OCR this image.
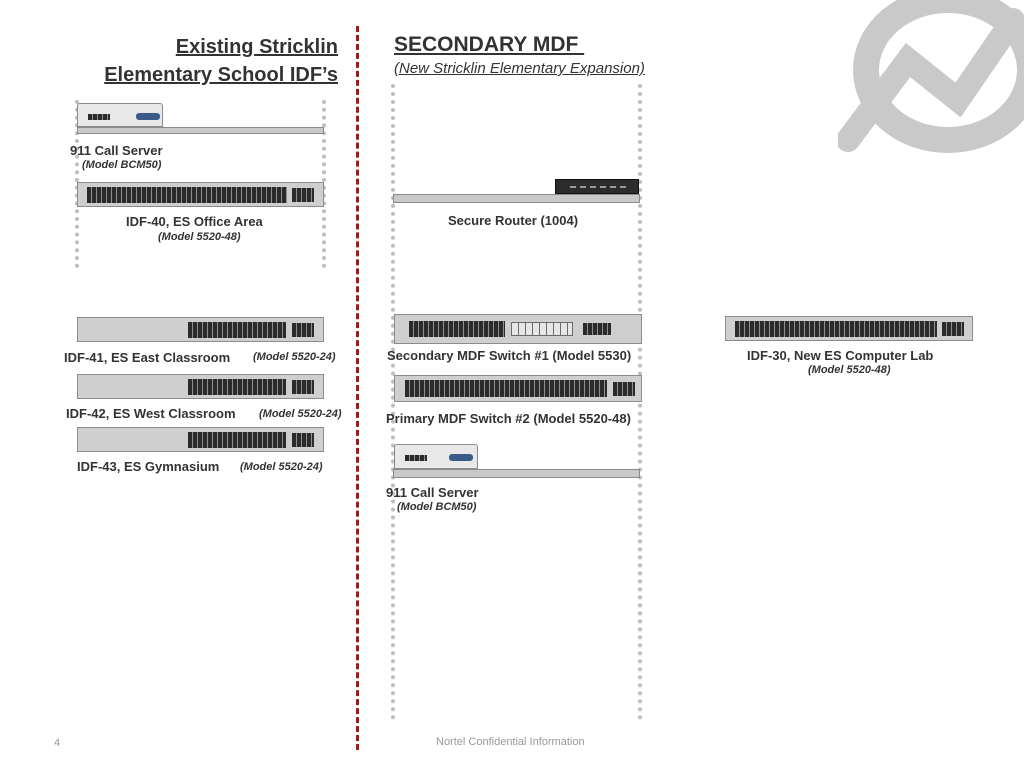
Existing Stricklin
Elementary School IDF’s
SECONDARY MDF
(New Stricklin Elementary Expansion)
911 Call Server
(Model BCM50)
IDF-40, ES Office Area
(Model 5520-48)
IDF-41, ES East Classroom (Model 5520-24)
IDF-42, ES West Classroom (Model 5520-24)
IDF-43, ES Gymnasium (Model 5520-24)
Secure Router (1004)
Secondary MDF Switch #1 (Model 5530)
Primary MDF Switch #2 (Model 5520-48)
911 Call Server
(Model BCM50)
IDF-30, New ES Computer Lab
(Model 5520-48)
4	Nortel Confidential Information
